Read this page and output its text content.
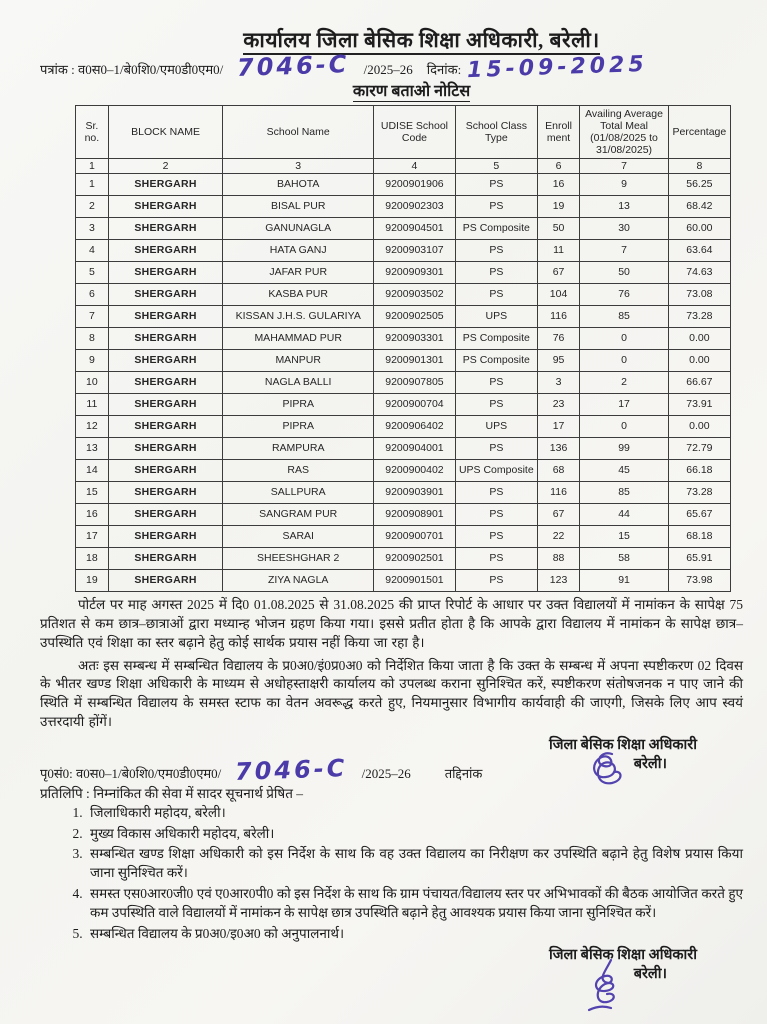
कार्यालय जिला बेसिक शिक्षा अधिकारी, बरेली।
पत्रांक : व0स0–1/बे0शि0/एम0डी0एम0/ 7046-C /2025–26 दिनांक: 15-09-2025
कारण बताओ नोटिस
Sr. no.	BLOCK NAME	School Name	UDISE School Code	School Class Type	Enroll ment	Availing Average Total Meal (01/08/2025 to 31/08/2025)	Percentage
1	2	3	4	5	6	7	8
1	SHERGARH	BAHOTA	9200901906	PS	16	9	56.25
2	SHERGARH	BISAL PUR	9200902303	PS	19	13	68.42
3	SHERGARH	GANUNAGLA	9200904501	PS Composite	50	30	60.00
4	SHERGARH	HATA GANJ	9200903107	PS	11	7	63.64
5	SHERGARH	JAFAR PUR	9200909301	PS	67	50	74.63
6	SHERGARH	KASBA PUR	9200903502	PS	104	76	73.08
7	SHERGARH	KISSAN J.H.S. GULARIYA	9200902505	UPS	116	85	73.28
8	SHERGARH	MAHAMMAD PUR	9200903301	PS Composite	76	0	0.00
9	SHERGARH	MANPUR	9200901301	PS Composite	95	0	0.00
10	SHERGARH	NAGLA BALLI	9200907805	PS	3	2	66.67
11	SHERGARH	PIPRA	9200900704	PS	23	17	73.91
12	SHERGARH	PIPRA	9200906402	UPS	17	0	0.00
13	SHERGARH	RAMPURA	9200904001	PS	136	99	72.79
14	SHERGARH	RAS	9200900402	UPS Composite	68	45	66.18
15	SHERGARH	SALLPURA	9200903901	PS	116	85	73.28
16	SHERGARH	SANGRAM PUR	9200908901	PS	67	44	65.67
17	SHERGARH	SARAI	9200900701	PS	22	15	68.18
18	SHERGARH	SHEESHGHAR 2	9200902501	PS	88	58	65.91
19	SHERGARH	ZIYA NAGLA	9200901501	PS	123	91	73.98

पोर्टल पर माह अगस्त 2025 में दि0 01.08.2025 से 31.08.2025 की प्राप्त रिपोर्ट के आधार पर उक्त विद्यालयों में नामांकन के सापेक्ष 75 प्रतिशत से कम छात्र–छात्राओं द्वारा मध्यान्ह भोजन ग्रहण किया गया। इससे प्रतीत होता है कि आपके द्वारा विद्यालय में नामांकन के सापेक्ष छात्र–उपस्थिति एवं शिक्षा का स्तर बढ़ाने हेतु कोई सार्थक प्रयास नहीं किया जा रहा है।

अतः इस सम्बन्ध में सम्बन्धित विद्यालय के प्र0अ0/इं0प्र0अ0 को निर्देशित किया जाता है कि उक्त के सम्बन्ध में अपना स्पष्टीकरण 02 दिवस के भीतर खण्ड शिक्षा अधिकारी के माध्यम से अधोहस्ताक्षरी कार्यालय को उपलब्ध कराना सुनिश्चित करें, स्पष्टीकरण संतोषजनक न पाए जाने की स्थिति में सम्बन्धित विद्यालय के समस्त स्टाफ का वेतन अवरूद्ध करते हुए, नियमानुसार विभागीय कार्यवाही की जाएगी, जिसके लिए आप स्वयं उत्तरदायी होंगें।

जिला बेसिक शिक्षा अधिकारी
बरेली।
पृ0सं0: व0स0–1/बे0शि0/एम0डी0एम0/ 7046-C /2025–26	तद्दिनांक
प्रतिलिपि : निम्नांकित की सेवा में सादर सूचनार्थ प्रेषित –
1. जिलाधिकारी महोदय, बरेली।
2. मुख्य विकास अधिकारी महोदय, बरेली।
3. सम्बन्धित खण्ड शिक्षा अधिकारी को इस निर्देश के साथ कि वह उक्त विद्यालय का निरीक्षण कर उपस्थिति बढ़ाने हेतु विशेष प्रयास किया जाना सुनिश्चित करें।
4. समस्त एस0आर0जी0 एवं ए0आर0पी0 को इस निर्देश के साथ कि ग्राम पंचायत/विद्यालय स्तर पर अभिभावकों की बैठक आयोजित करते हुए कम उपस्थिति वाले विद्यालयों में नामांकन के सापेक्ष छात्र उपस्थिति बढ़ाने हेतु आवश्यक प्रयास किया जाना सुनिश्चित करें।
5. सम्बन्धित विद्यालय के प्र0अ0/इ0अ0 को अनुपालनार्थ।
जिला बेसिक शिक्षा अधिकारी
बरेली।
